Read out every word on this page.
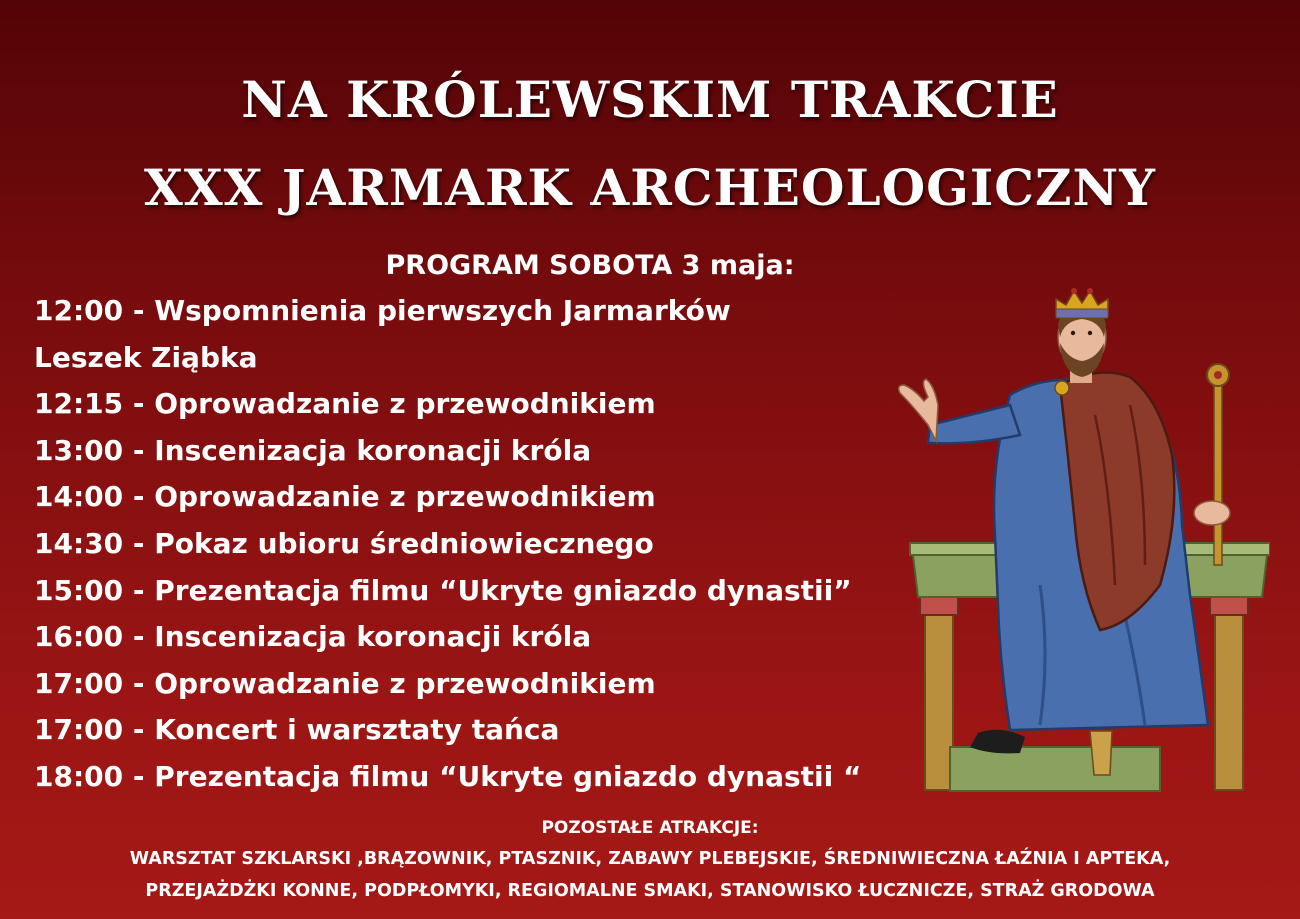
NA KRÓLEWSKIM TRAKCIE
XXX JARMARK ARCHEOLOGICZNY
PROGRAM SOBOTA 3 maja:
12:00 - Wspomnienia pierwszych Jarmarków
Leszek Ziąbka
12:15 - Oprowadzanie z przewodnikiem
13:00 - Inscenizacja koronacji króla
14:00 - Oprowadzanie z przewodnikiem
14:30 - Pokaz ubioru średniowiecznego
15:00 - Prezentacja filmu “Ukryte gniazdo dynastii”
16:00 - Inscenizacja koronacji króla
17:00 - Oprowadzanie z przewodnikiem
17:00 - Koncert i warsztaty tańca
18:00 - Prezentacja filmu “Ukryte gniazdo dynastii “
POZOSTAŁE ATRAKCJE:
WARSZTAT SZKLARSKI ,BRĄZOWNIK, PTASZNIK, ZABAWY PLEBEJSKIE, ŚREDNIWIECZNA ŁAŹNIA I APTEKA,
PRZEJAŻDŻKI KONNE, PODPŁOMYKI, REGIOMALNE SMAKI, STANOWISKO ŁUCZNICZE, STRAŻ GRODOWA
